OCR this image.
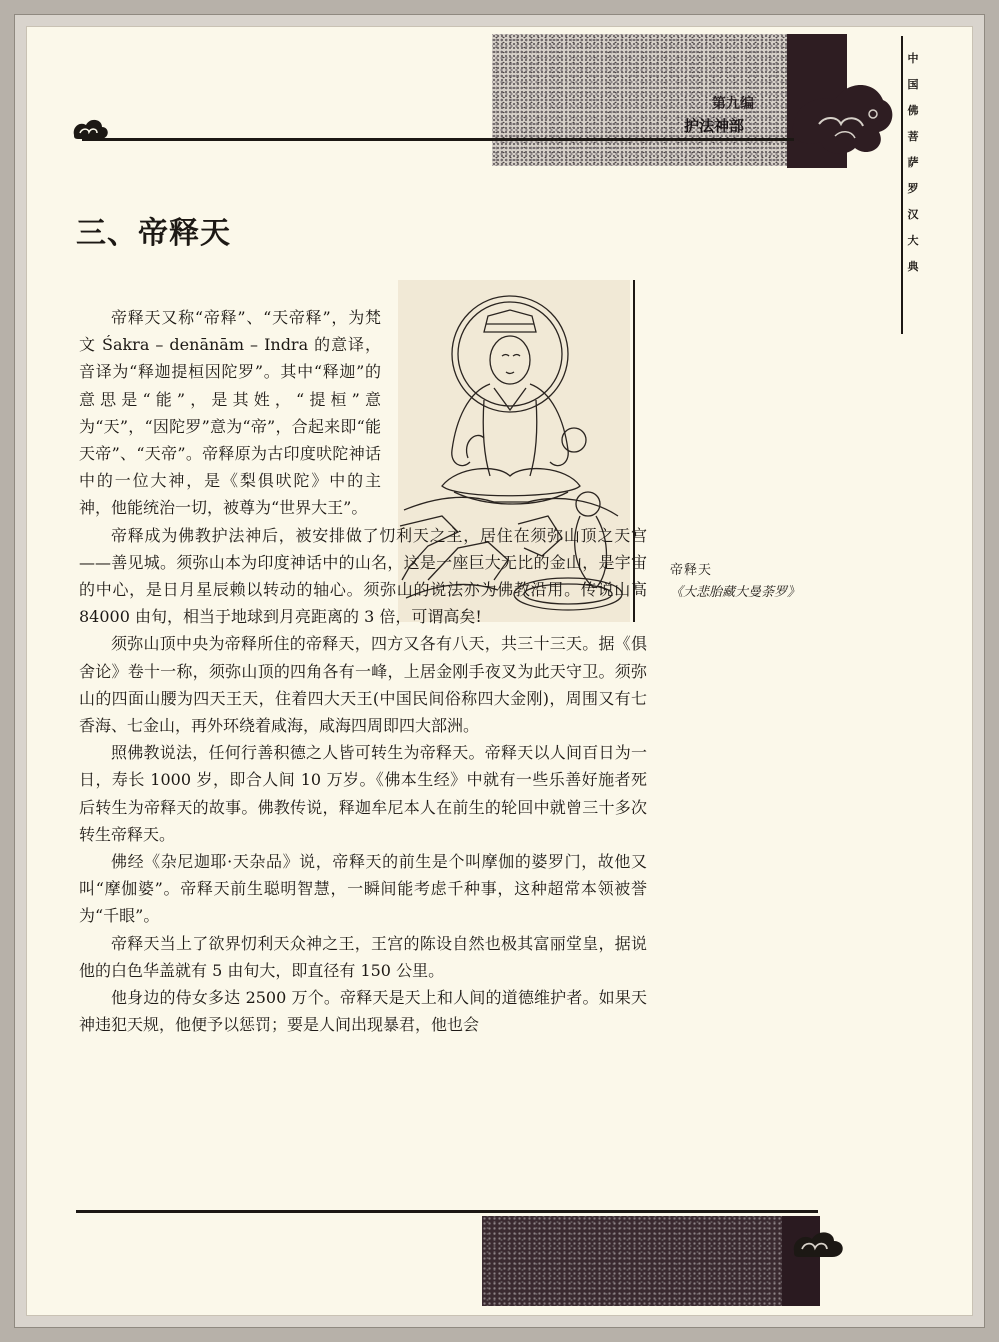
第九编
护法神部
中国佛菩萨罗汉大典
三、帝释天
帝释天
《大悲胎藏大曼荼罗》

帝释天又称“帝释”、“天帝释”，为梵文 Śakra – denānām – Indra 的意译，音译为“释迦提桓因陀罗”。其中“释迦”的意思是“能”，是其姓，“提桓”意为“天”，“因陀罗”意为“帝”，合起来即“能天帝”、“天帝”。帝释原为古印度吠陀神话中的一位大神，是《梨俱吠陀》中的主神，他能统治一切，被尊为“世界大王”。

帝释成为佛教护法神后，被安排做了忉利天之主，居住在须弥山顶之天宫——善见城。须弥山本为印度神话中的山名，这是一座巨大无比的金山，是宇宙的中心，是日月星辰赖以转动的轴心。须弥山的说法亦为佛教沿用。传说山高 84000 由旬，相当于地球到月亮距离的 3 倍，可谓高矣!

须弥山顶中央为帝释所住的帝释天，四方又各有八天，共三十三天。据《俱舍论》卷十一称，须弥山顶的四角各有一峰，上居金刚手夜叉为此天守卫。须弥山的四面山腰为四天王天，住着四大天王(中国民间俗称四大金刚)，周围又有七香海、七金山，再外环绕着咸海，咸海四周即四大部洲。

照佛教说法，任何行善积德之人皆可转生为帝释天。帝释天以人间百日为一日，寿长 1000 岁，即合人间 10 万岁。《佛本生经》中就有一些乐善好施者死后转生为帝释天的故事。佛教传说，释迦牟尼本人在前生的轮回中就曾三十多次转生帝释天。

佛经《杂尼迦耶·天杂品》说，帝释天的前生是个叫摩伽的婆罗门，故他又叫“摩伽婆”。帝释天前生聪明智慧，一瞬间能考虑千种事，这种超常本领被誉为“千眼”。

帝释天当上了欲界忉利天众神之王，王宫的陈设自然也极其富丽堂皇，据说他的白色华盖就有 5 由旬大，即直径有 150 公里。

他身边的侍女多达 2500 万个。帝释天是天上和人间的道德维护者。如果天神违犯天规，他便予以惩罚；要是人间出现暴君，他也会
